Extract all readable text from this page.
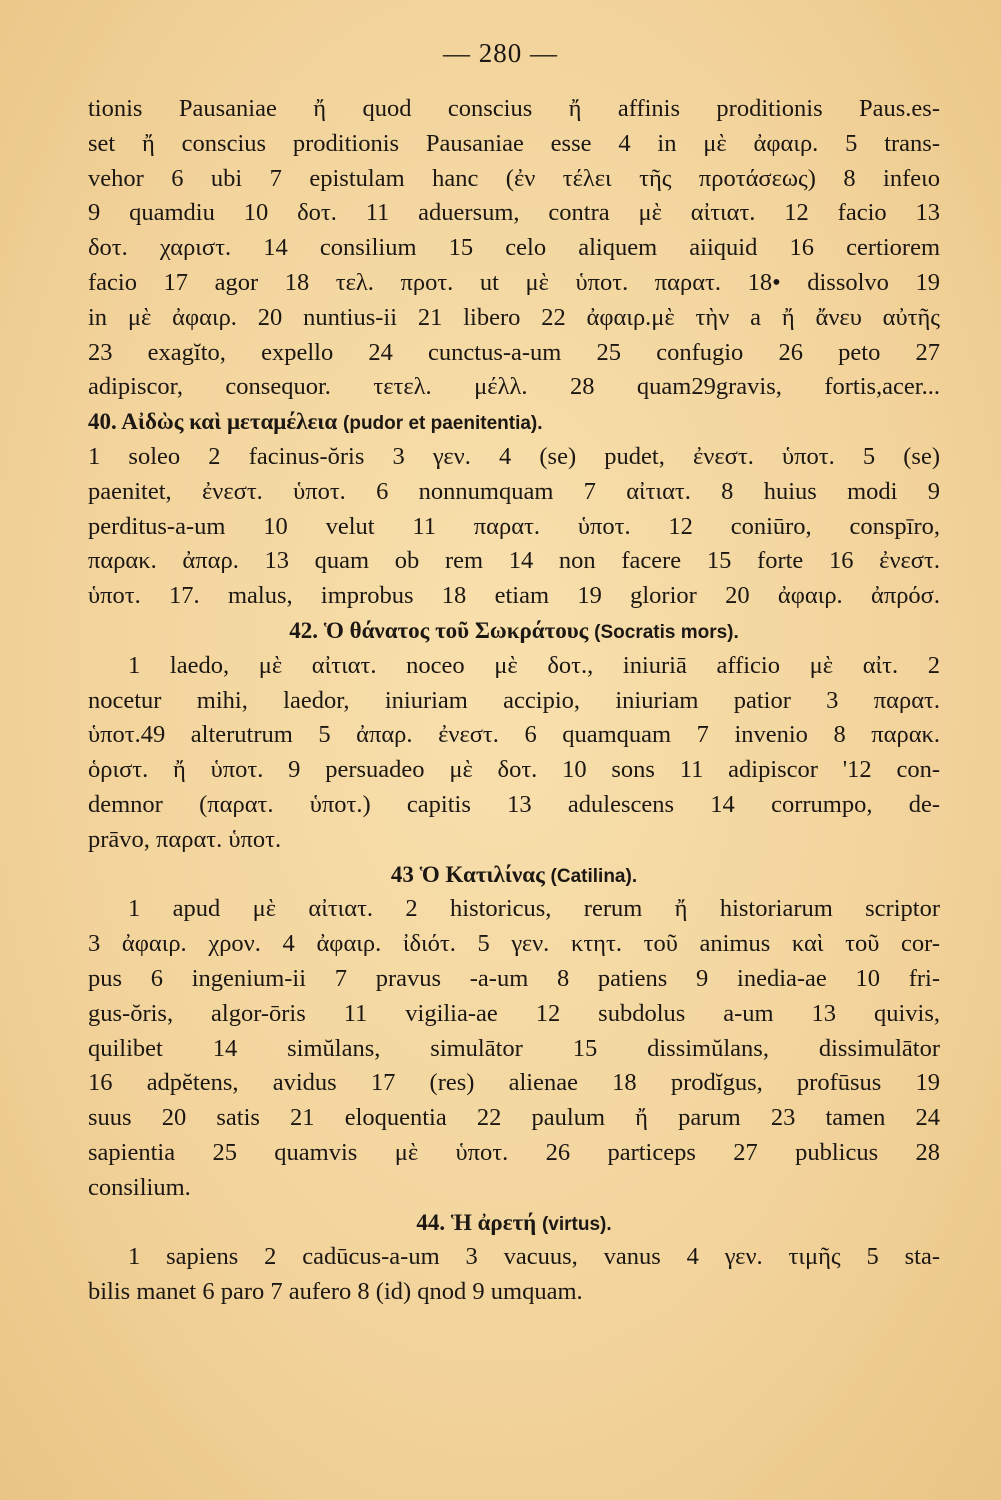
— 280 —
tionis Pausaniae ἤ quod conscius ἤ affinis proditionis Paus.es-
set ἤ conscius proditionis Pausaniae esse 4 in μὲ ἀφαιρ. 5 trans-
vehor 6 ubi 7 epistulam hanc (ἐν τέλει τῆς προτάσεως) 8 infeιo
9 quamdiu 10 δοτ. 11 aduersum, contra μὲ αἰτιατ. 12 facio 13
δοτ. χαριστ. 14 consilium 15 celo aliquem aiiquid 16 certiorem
facio 17 agor 18 τελ. προτ. ut μὲ ὑποτ. παρατ. 18• dissolvo 19
in μὲ ἀφαιρ. 20 nuntius-ii 21 libero 22 ἀφαιρ.μὲ τὴν a ἤ ἄνευ αὐτῆς
23 exagĭto, expello 24 cunctus-a-um 25 confugio 26 peto 27
adipiscor, consequor. τετελ. μέλλ. 28 quam29gravis, fortis,acer...
40. Αἰδὼς καὶ μεταμέλεια (pudor et paenitentia).
1 soleo 2 facinus-ŏris 3 γεν. 4 (se) pudet, ἐνεστ. ὑποτ. 5 (se)
paenitet, ἐνεστ. ὑποτ. 6 nonnumquam 7 αἰτιατ. 8 huius modi 9
perditus-a-um 10 velut 11 παρατ. ὑποτ. 12 coniūro, conspīro,
παρακ. ἀπαρ. 13 quam ob rem 14 non facere 15 forte 16 ἐνεστ.
ὑποτ. 17. malus, improbus 18 etiam 19 glorior 20 ἀφαιρ. ἀπρόσ.
42. Ὁ θάνατος τοῦ Σωκράτους (Socratis mors).
1 laedo, μὲ αἰτιατ. noceo μὲ δοτ., iniuriā afficio μὲ αἰτ. 2
nocetur mihi, laedor, iniuriam accipio, iniuriam patior 3 παρατ.
ὑποτ.49 alterutrum 5 ἀπαρ. ἐνεστ. 6 quamquam 7 invenio 8 παρακ.
ὁριστ. ἤ ὑποτ. 9 persuadeo μὲ δοτ. 10 sons 11 adipiscor '12 con-
demnor (παρατ. ὑποτ.) capitis 13 adulescens 14 corrumpo, de-
prāvo, παρατ. ὑποτ.
43 Ὁ Κατιλίνας (Catilina).
1 apud μὲ αἰτιατ. 2 historicus, rerum ἤ historiarum scriptor
3 ἀφαιρ. χρον. 4 ἀφαιρ. ἰδιότ. 5 γεν. κτητ. τοῦ animus καὶ τοῦ cor-
pus 6 ingenium-ii 7 pravus -a-um 8 patiens 9 inedia-ae 10 fri-
gus-ŏris, algor-ōris 11 vigilia-ae 12 subdolus a-um 13 quivis,
quilibet 14 simŭlans, simulātor 15 dissimŭlans, dissimulātor
16 adpĕtens, avidus 17 (res) alienae 18 prodĭgus, profūsus 19
suus 20 satis 21 eloquentia 22 paulum ἤ parum 23 tamen 24
sapientia 25 quamvis μὲ ὑποτ. 26 particeps 27 publicus 28
consilium.
44. Ἡ ἀρετή (virtus).
1 sapiens 2 cadūcus-a-um 3 vacuus, vanus 4 γεν. τιμῆς 5 sta-
bilis manet 6 paro 7 aufero 8 (id) qnod 9 umquam.
